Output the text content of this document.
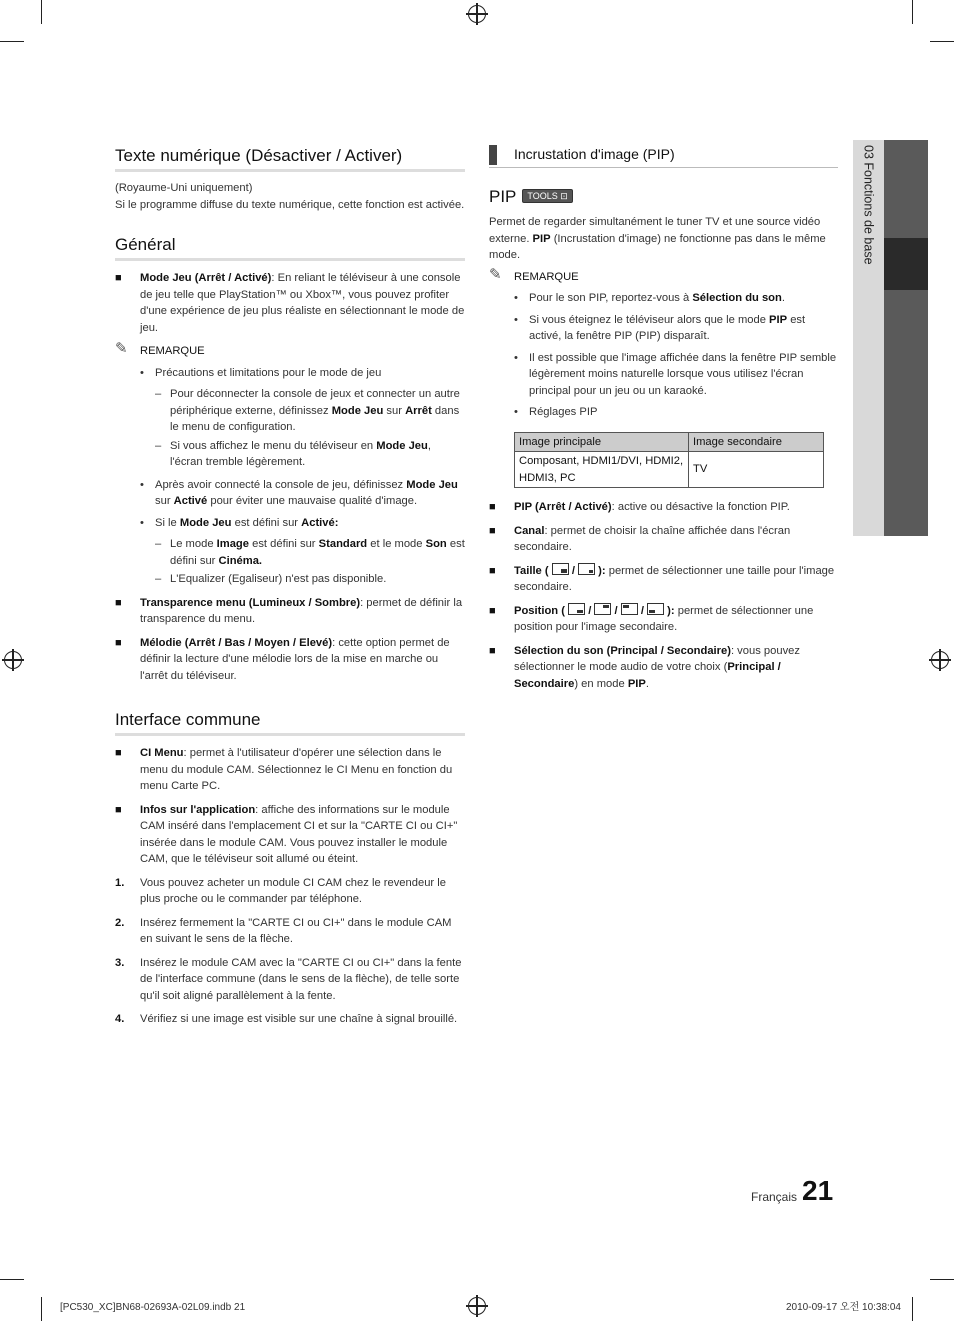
03 Fonctions de base
Texte numérique (Désactiver / Activer)

(Royaume-Uni uniquement)

Si le programme diffuse du texte numérique, cette fonction est activée.

Général
■ Mode Jeu (Arrêt / Activé): En reliant le téléviseur à une console de jeu telle que PlayStation™ ou Xbox™, vous pouvez profiter d'une expérience de jeu plus réaliste en sélectionnant le mode de jeu.
✎ REMARQUE
• Précautions et limitations pour le mode de jeu
– Pour déconnecter la console de jeux et connecter un autre périphérique externe, définissez Mode Jeu sur Arrêt dans le menu de configuration.
– Si vous affichez le menu du téléviseur en Mode Jeu, l'écran tremble légèrement.
• Après avoir connecté la console de jeu, définissez Mode Jeu sur Activé pour éviter une mauvaise qualité d'image.
• Si le Mode Jeu est défini sur Activé:
– Le mode Image est défini sur Standard et le mode Son est défini sur Cinéma.
– L'Equalizer (Egaliseur) n'est pas disponible.
■ Transparence menu (Lumineux / Sombre): permet de définir la transparence du menu.
■ Mélodie (Arrêt / Bas / Moyen / Elevé): cette option permet de définir la lecture d'une mélodie lors de la mise en marche ou l'arrêt du téléviseur.
Interface commune
■ CI Menu: permet à l'utilisateur d'opérer une sélection dans le menu du module CAM. Sélectionnez le CI Menu en fonction du menu Carte PC.
■ Infos sur l'application: affiche des informations sur le module CAM inséré dans l'emplacement CI et sur la "CARTE CI ou CI+" insérée dans le module CAM. Vous pouvez installer le module CAM, que le téléviseur soit allumé ou éteint.
1. Vous pouvez acheter un module CI CAM chez le revendeur le plus proche ou le commander par téléphone.
2. Insérez fermement la "CARTE CI ou CI+" dans le module CAM en suivant le sens de la flèche.
3. Insérez le module CAM avec la "CARTE CI ou CI+" dans la fente de l'interface commune (dans le sens de la flèche), de telle sorte qu'il soit aligné parallèlement à la fente.
4. Vérifiez si une image est visible sur une chaîne à signal brouillé.
Incrustation d'image (PIP)
PIP TOOLS ⊡

Permet de regarder simultanément le tuner TV et une source vidéo externe. PIP (Incrustation d'image) ne fonctionne pas dans le même mode.

✎ REMARQUE
• Pour le son PIP, reportez-vous à Sélection du son.
• Si vous éteignez le téléviseur alors que le mode PIP est activé, la fenêtre PIP (PIP) disparaît.
• Il est possible que l'image affichée dans la fenêtre PIP semble légèrement moins naturelle lorsque vous utilisez l'écran principal pour un jeu ou un karaoké.
• Réglages PIP
Image principale	Image secondaire
Composant, HDMI1/DVI, HDMI2, HDMI3, PC	TV
■ PIP (Arrêt / Activé): active ou désactive la fonction PIP.
■ Canal: permet de choisir la chaîne affichée dans l'écran secondaire.
■ Taille ( / ): permet de sélectionner une taille pour l'image secondaire.
■ Position ( / / / ): permet de sélectionner une position pour l'image secondaire.
■ Sélection du son (Principal / Secondaire): vous pouvez sélectionner le mode audio de votre choix (Principal / Secondaire) en mode PIP.
Français 21
[PC530_XC]BN68-02693A-02L09.indb 21	2010-09-17 오전 10:38:04
